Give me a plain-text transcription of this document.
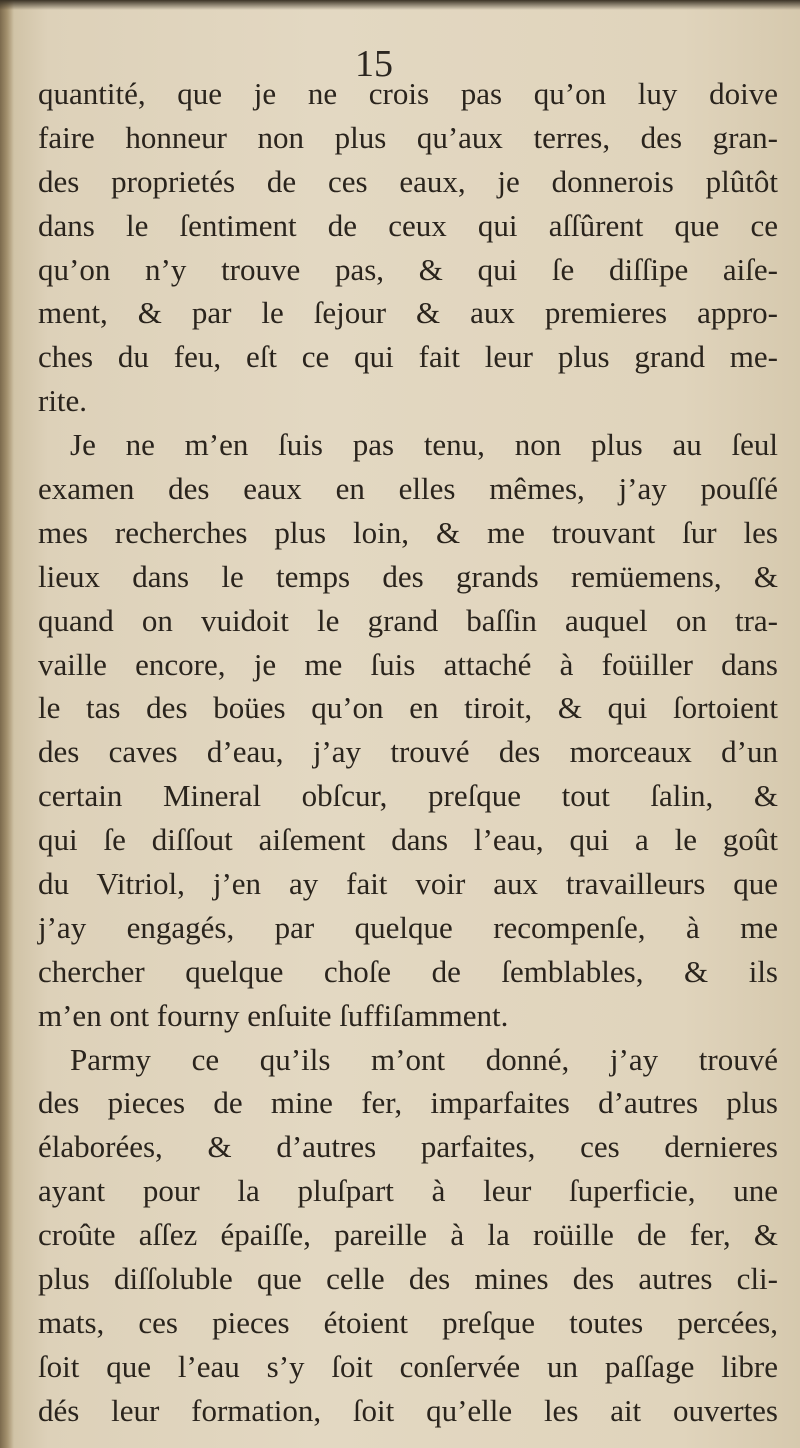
15
quantité, que je ne crois pas qu’on luy doive
faire honneur non plus qu’aux terres, des gran-
des proprietés de ces eaux, je donnerois plûtôt
dans le ſentiment de ceux qui aſſûrent que ce
qu’on n’y trouve pas, & qui ſe diſſipe aiſe-
ment, & par le ſejour & aux premieres appro-
ches du feu, eſt ce qui fait leur plus grand me-
rite.
Je ne m’en ſuis pas tenu, non plus au ſeul
examen des eaux en elles mêmes, j’ay pouſſé
mes recherches plus loin, & me trouvant ſur les
lieux dans le temps des grands remüemens, &
quand on vuidoit le grand baſſin auquel on tra-
vaille encore, je me ſuis attaché à foüiller dans
le tas des boües qu’on en tiroit, & qui ſortoient
des caves d’eau, j’ay trouvé des morceaux d’un
certain Mineral obſcur, preſque tout ſalin, &
qui ſe diſſout aiſement dans l’eau, qui a le goût
du Vitriol, j’en ay fait voir aux travailleurs que
j’ay engagés, par quelque recompenſe, à me
chercher quelque choſe de ſemblables, & ils
m’en ont fourny enſuite ſuffiſamment.
Parmy ce qu’ils m’ont donné, j’ay trouvé
des pieces de mine fer, imparfaites d’autres plus
élaborées, & d’autres parfaites, ces dernieres
ayant pour la pluſpart à leur ſuperficie, une
croûte aſſez épaiſſe, pareille à la roüille de fer, &
plus diſſoluble que celle des mines des autres cli-
mats, ces pieces étoient preſque toutes percées,
ſoit que l’eau s’y ſoit conſervée un paſſage libre
dés leur formation, ſoit qu’elle les ait ouvertes
